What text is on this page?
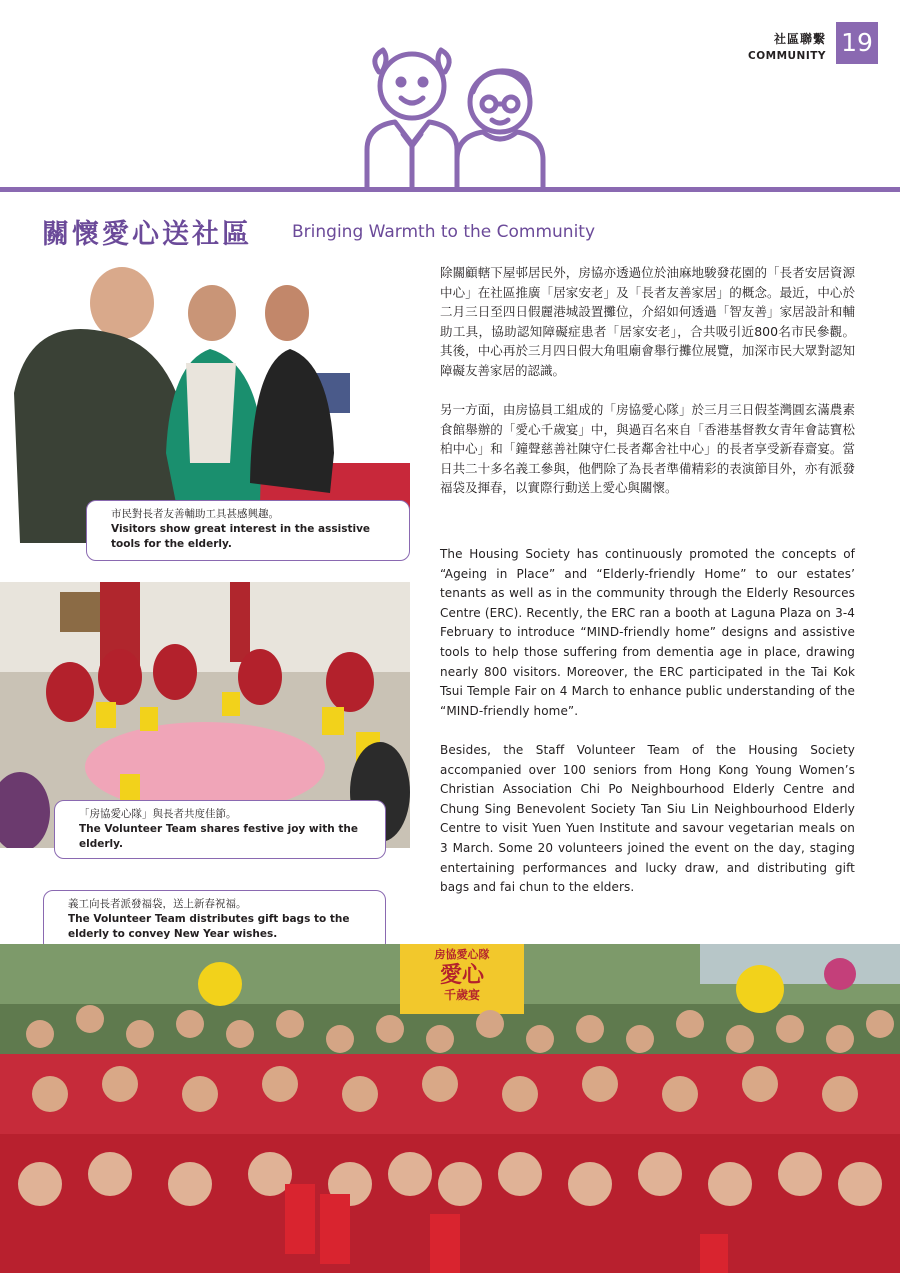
社區聯繫
COMMUNITY 19
關懷愛心送社區 Bringing Warmth to the Community
市民對長者友善輔助工具甚感興趣。
Visitors show great interest in the assistive tools for the elderly.
「房協愛心隊」與長者共度佳節。
The Volunteer Team shares festive joy with the elderly.
義工向長者派發福袋，送上新春祝福。
The Volunteer Team distributes gift bags to the elderly to convey New Year wishes.
房協愛心隊
愛心
千歲宴

除關顧轄下屋邨居民外，房協亦透過位於油麻地駿發花園的「長者安居資源中心」在社區推廣「居家安老」及「長者友善家居」的概念。最近，中心於二月三日至四日假麗港城設置攤位，介紹如何透過「智友善」家居設計和輔助工具，協助認知障礙症患者「居家安老」，合共吸引近800名市民參觀。其後，中心再於三月四日假大角咀廟會舉行攤位展覽，加深市民大眾對認知障礙友善家居的認識。

另一方面，由房協員工組成的「房協愛心隊」於三月三日假荃灣圓玄滿農素食館舉辦的「愛心千歲宴」中，與過百名來自「香港基督教女青年會誌寶松柏中心」和「鐘聲慈善社陳守仁長者鄰舍社中心」的長者享受新春齋宴。當日共二十多名義工參與，他們除了為長者準備精彩的表演節目外，亦有派發福袋及揮春，以實際行動送上愛心與關懷。

The Housing Society has continuously promoted the concepts of “Ageing in Place” and “Elderly-friendly Home” to our estates’ tenants as well as in the community through the Elderly Resources Centre (ERC). Recently, the ERC ran a booth at Laguna Plaza on 3-4 February to introduce “MIND-friendly home” designs and assistive tools to help those suffering from dementia age in place, drawing nearly 800 visitors. Moreover, the ERC participated in the Tai Kok Tsui Temple Fair on 4 March to enhance public understanding of the “MIND-friendly home”.

Besides, the Staff Volunteer Team of the Housing Society accompanied over 100 seniors from Hong Kong Young Women’s Christian Association Chi Po Neighbourhood Elderly Centre and Chung Sing Benevolent Society Tan Siu Lin Neighbourhood Elderly Centre to visit Yuen Yuen Institute and savour vegetarian meals on 3 March. Some 20 volunteers joined the event on the day, staging entertaining performances and lucky draw, and distributing gift bags and fai chun to the elders.
